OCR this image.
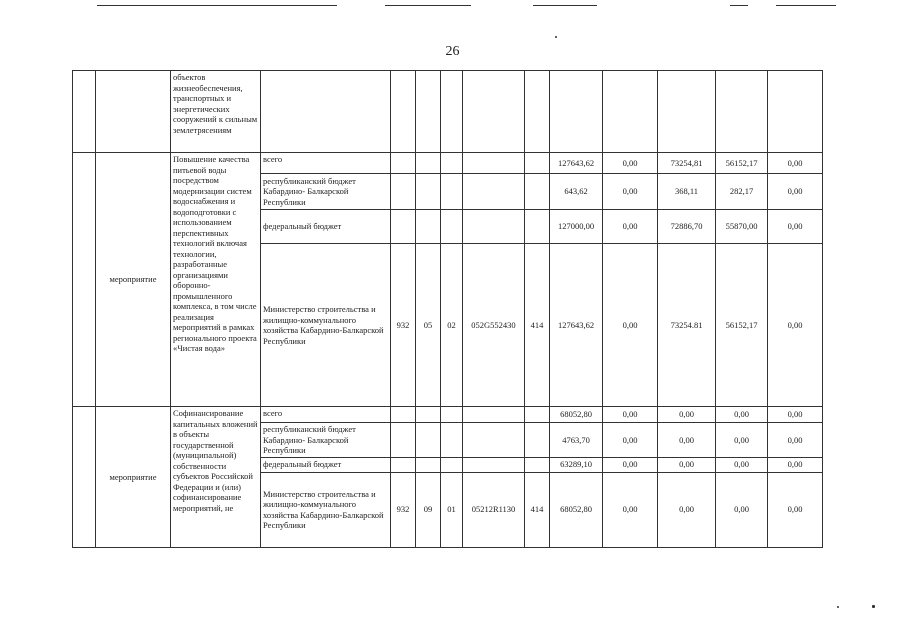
26
		объектов жизнеобеспечения, транспортных и энергетических сооружений к сильным землетрясениям											
	мероприятие	Повышение качества питьевой воды посредством модернизации систем водоснабжения и водоподготовки с использованием перспективных технологий включая технологии, разработанные организациями оборонно-промышленного комплекса, в том числе реализация мероприятий в рамках регионального проекта «Чистая вода»	всего						127643,62	0,00	73254,81	56152,17	0,00
			республиканский бюджет Кабардино- Балкарской Республики						643,62	0,00	368,11	282,17	0,00
			федеральный бюджет						127000,00	0,00	72886,70	55870,00	0,00
			Министерство строительства и жилищно-коммунального хозяйства Кабардино-Балкарской Республики	932	05	02	052G552430	414	127643,62	0,00	73254.81	56152,17	0,00
	мероприятие	Софинансирование капитальных вложений в объекты государственной (муниципальной) собственности субъектов Российской Федерации и (или) софинансирование мероприятий, не	всего						68052,80	0,00	0,00	0,00	0,00
			республиканский бюджет Кабардино- Балкарской Республики						4763,70	0,00	0,00	0,00	0,00
			федеральный бюджет						63289,10	0,00	0,00	0,00	0,00
			Министерство строительства и жилищно-коммунального хозяйства Кабардино-Балкарской Республики	932	09	01	05212R1130	414	68052,80	0,00	0,00	0,00	0,00
